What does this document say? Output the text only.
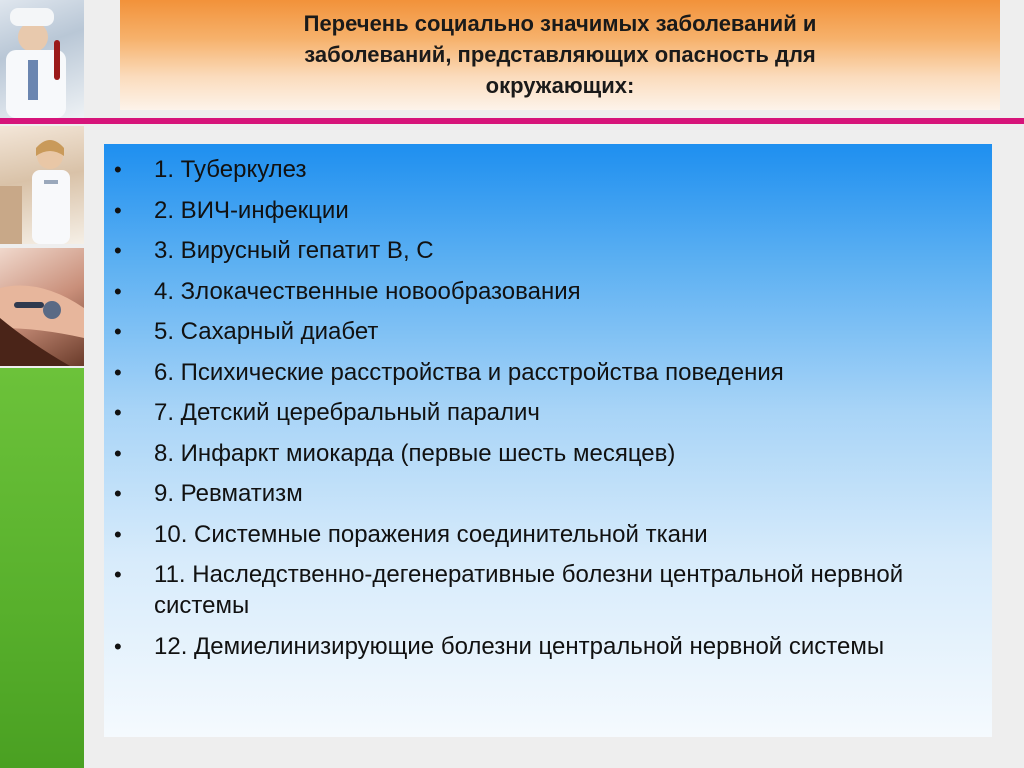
Перечень социально значимых заболеваний и
заболеваний, представляющих опасность для
окружающих:
•	1. Туберкулез
•	2. ВИЧ-инфекции
•	3. Вирусный гепатит В, С
•	4. Злокачественные новообразования
•	5. Сахарный диабет
•	6. Психические расстройства и расстройства поведения
•	7. Детский церебральный паралич
•	8. Инфаркт миокарда (первые шесть месяцев)
•	9. Ревматизм
•	10. Системные поражения соединительной ткани
•	11. Наследственно-дегенеративные болезни центральной нервной системы
•	12. Демиелинизирующие болезни центральной нервной системы
